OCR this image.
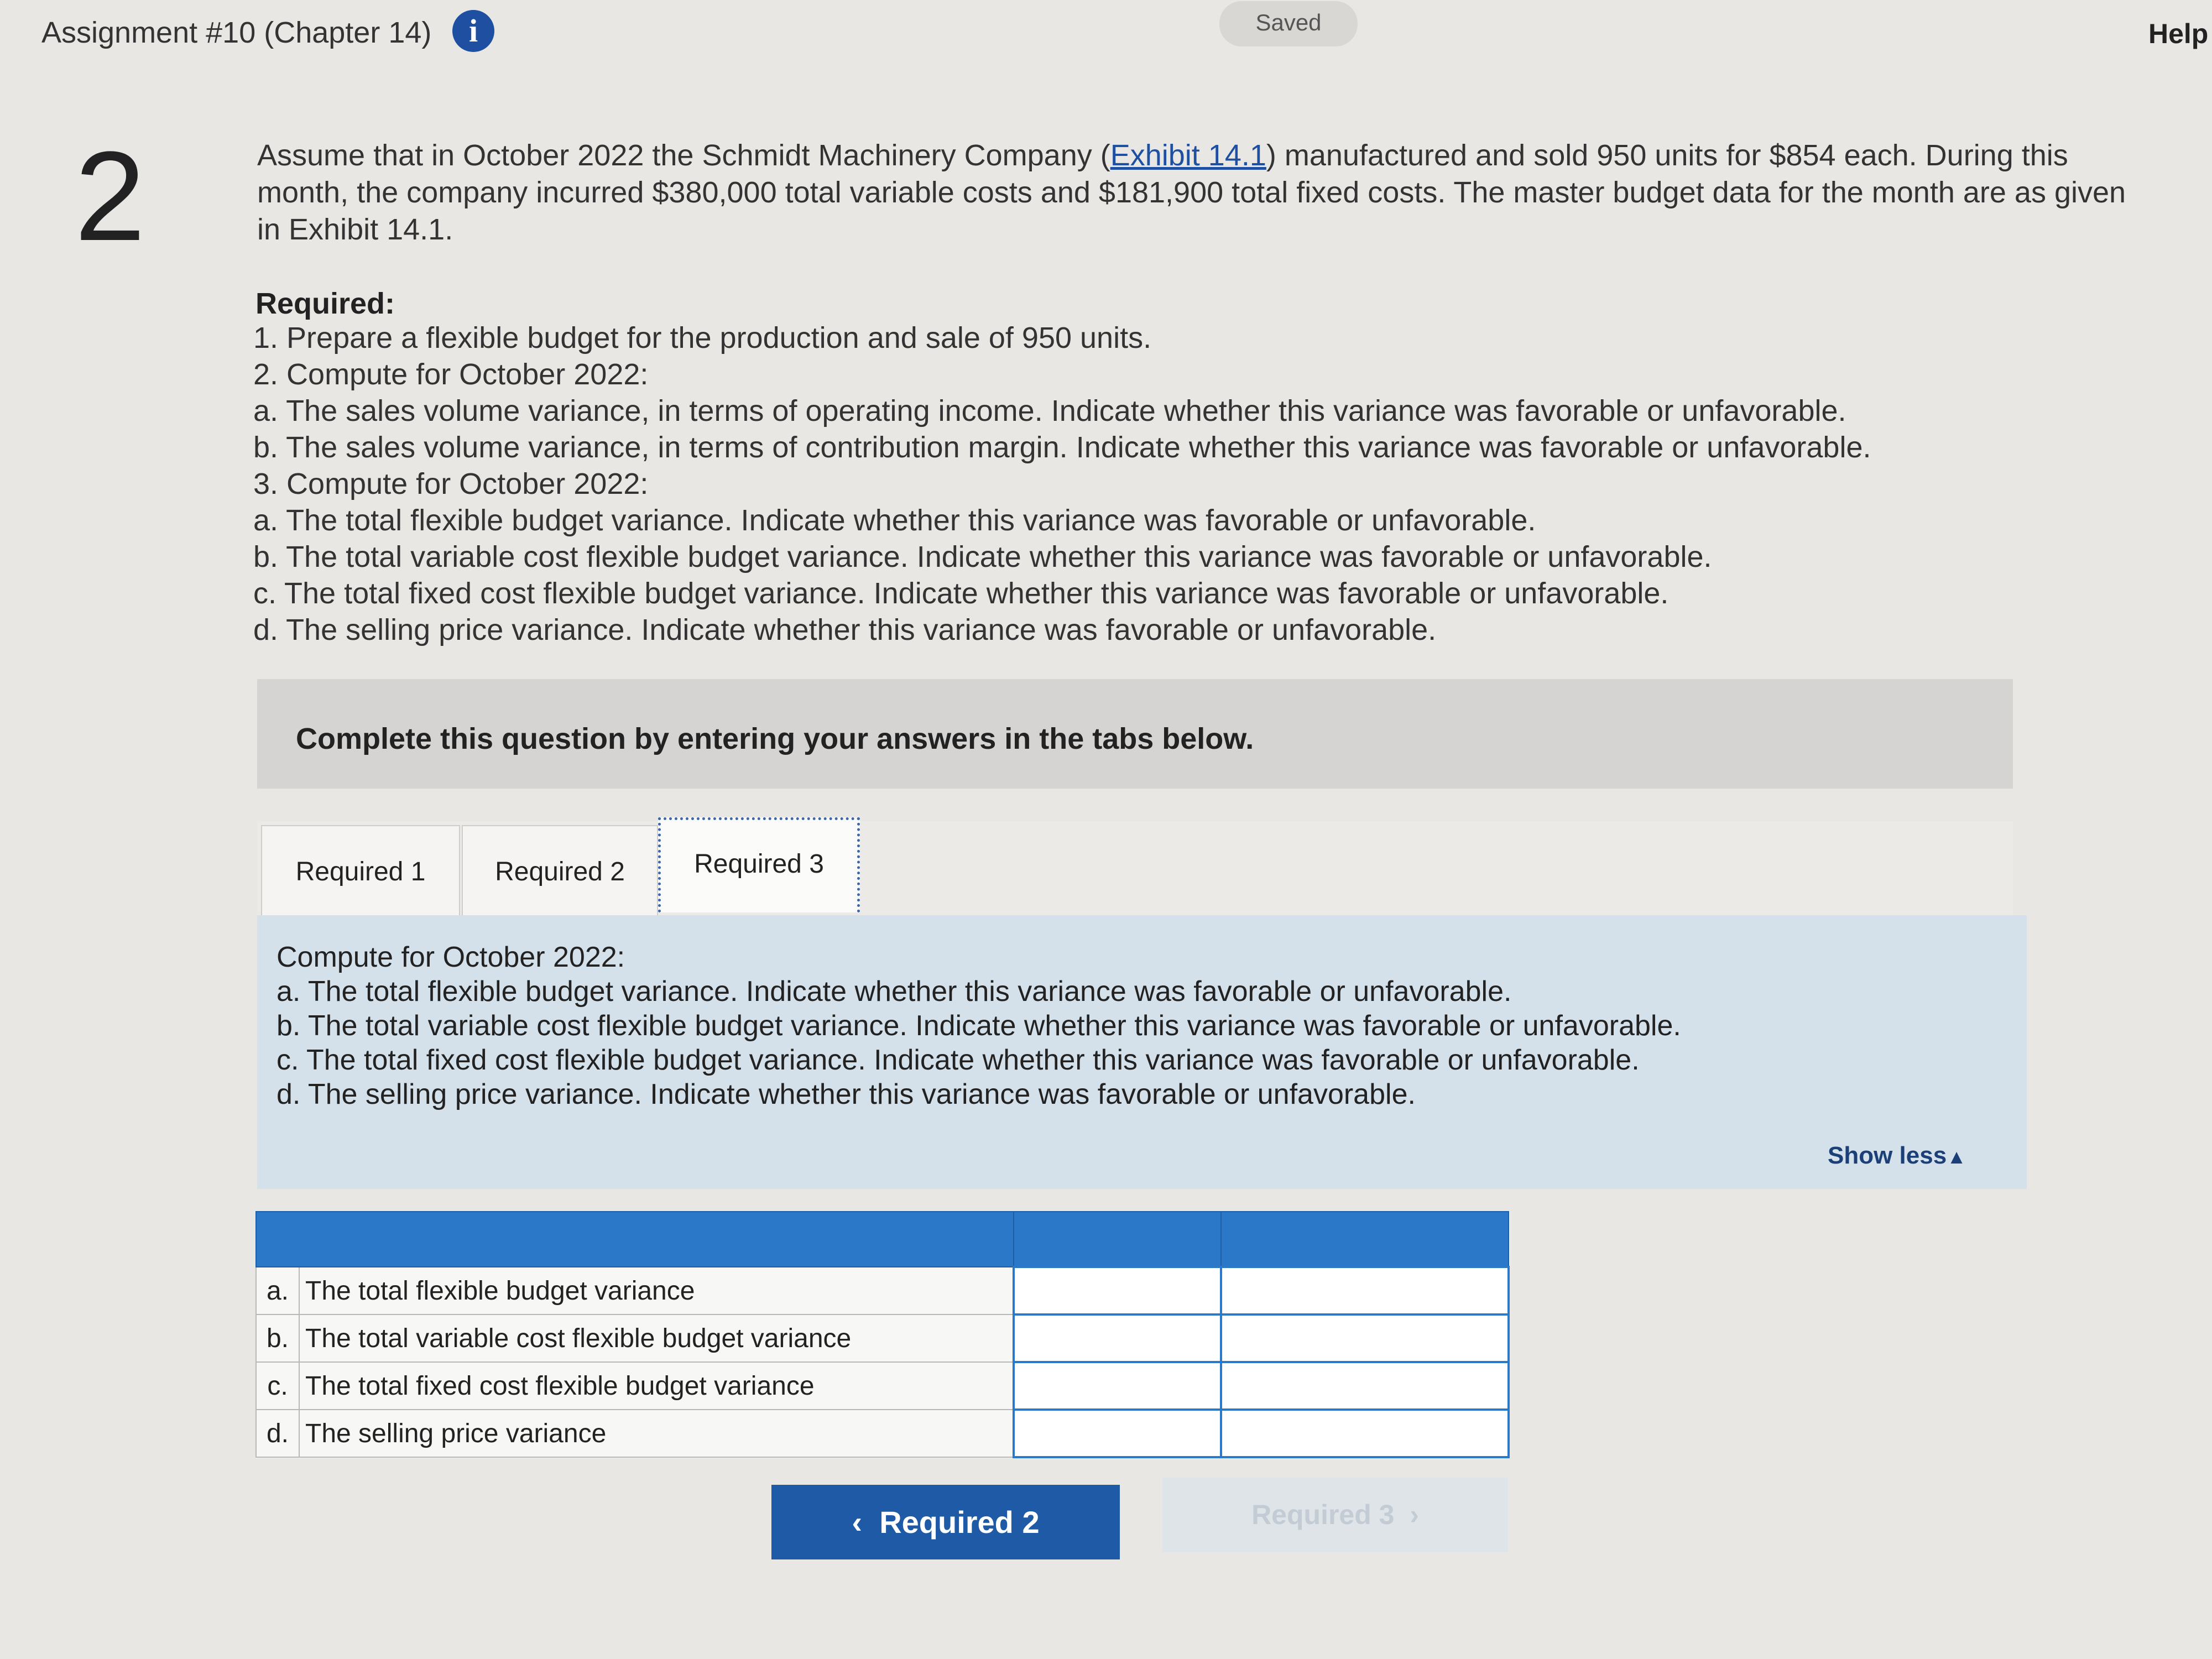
Assignment #10 (Chapter 14)	i	Saved	Help
2	Assume that in October 2022 the Schmidt Machinery Company (Exhibit 14.1) manufactured and sold 950 units for $854 each. During this month, the company incurred $380,000 total variable costs and $181,900 total fixed costs. The master budget data for the month are as given in Exhibit 14.1.
Required:
1. Prepare a flexible budget for the production and sale of 950 units.
2. Compute for October 2022:
a. The sales volume variance, in terms of operating income. Indicate whether this variance was favorable or unfavorable.
b. The sales volume variance, in terms of contribution margin. Indicate whether this variance was favorable or unfavorable.
3. Compute for October 2022:
a. The total flexible budget variance. Indicate whether this variance was favorable or unfavorable.
b. The total variable cost flexible budget variance. Indicate whether this variance was favorable or unfavorable.
c. The total fixed cost flexible budget variance. Indicate whether this variance was favorable or unfavorable.
d. The selling price variance. Indicate whether this variance was favorable or unfavorable.
Complete this question by entering your answers in the tabs below.
Required 1	Required 2	Required 3
Compute for October 2022:
a. The total flexible budget variance. Indicate whether this variance was favorable or unfavorable.
b. The total variable cost flexible budget variance. Indicate whether this variance was favorable or unfavorable.
c. The total fixed cost flexible budget variance. Indicate whether this variance was favorable or unfavorable.
d. The selling price variance. Indicate whether this variance was favorable or unfavorable.
Show less▲

a.	The total flexible budget variance		
b.	The total variable cost flexible budget variance		
c.	The total fixed cost flexible budget variance		
d.	The selling price variance		
‹ Required 2	Required 3 ›
